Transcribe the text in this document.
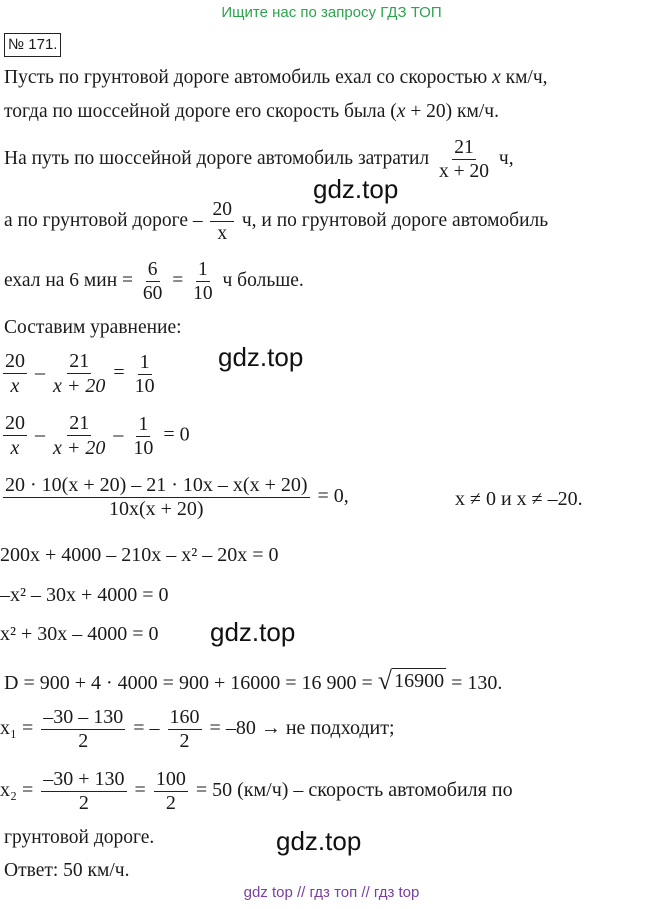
Ищите нас по запросу ГДЗ ТОП
№ 171.
Пусть по грунтовой дороге автомобиль ехал со скоростью x км/ч,
тогда по шоссейной дороге его скорость была (x + 20) км/ч.
На путь по шоссейной дороге автомобиль затратил $\frac{21}{x + 20} ч$,
gdz.top
а по грунтовой дороге – $\frac{20}{x} ч$, и по грунтовой дороге автомобиль
ехал на 6 мин = $\frac{6}{60} = \frac{1}{10}$ ч больше.
Составим уравнение:
gdz.top
$\frac{20}{x} - \frac{21}{x + 20} = \frac{1}{10}$
$\frac{20}{x} - \frac{21}{x + 20} - \frac{1}{10} = 0$
$\frac{20 \cdot 10(x + 20) - 21 \cdot 10x - x(x + 20)}{10x(x + 20)} = 0$,	x ≠ 0 и x ≠ –20.
200x + 4000 – 210x – x² – 20x = 0
–x² – 30x + 4000 = 0
x² + 30x – 4000 = 0 gdz.top
D = 900 + 4 · 4000 = 900 + 16000 = 16 900 = √ 16900 = 130.
$x_1 = \frac{-30 - 130}{2}$ = – $\frac{160}{2} = -80$ → не подходит;
$x_2 = \frac{-30 + 130}{2} = \frac{100}{2} = 50$ (км/ч) – скорость автомобиля по
грунтовой дороге.	gdz.top
Ответ: 50 км/ч.
gdz top // гдз топ // гдз top
